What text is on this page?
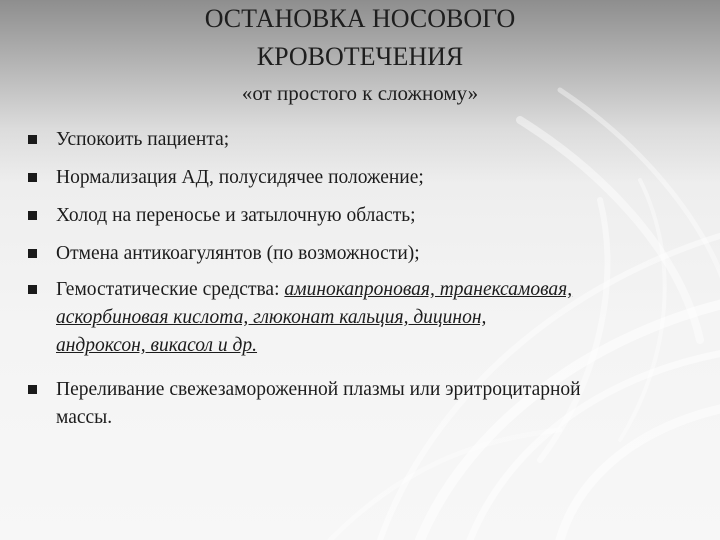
ОСТАНОВКА НОСОВОГО
КРОВОТЕЧЕНИЯ
«от простого к сложному»
Успокоить пациента;
Нормализация АД, полусидячее положение;
Холод на переносье и затылочную область;
Отмена антикоагулянтов (по возможности);
Гемостатические средства: аминокапроновая, транексамовая,
аскорбиновая кислота, глюконат кальция, дицинон,
андроксон, викасол и др.
Переливание свежезамороженной плазмы или эритроцитарной
массы.
